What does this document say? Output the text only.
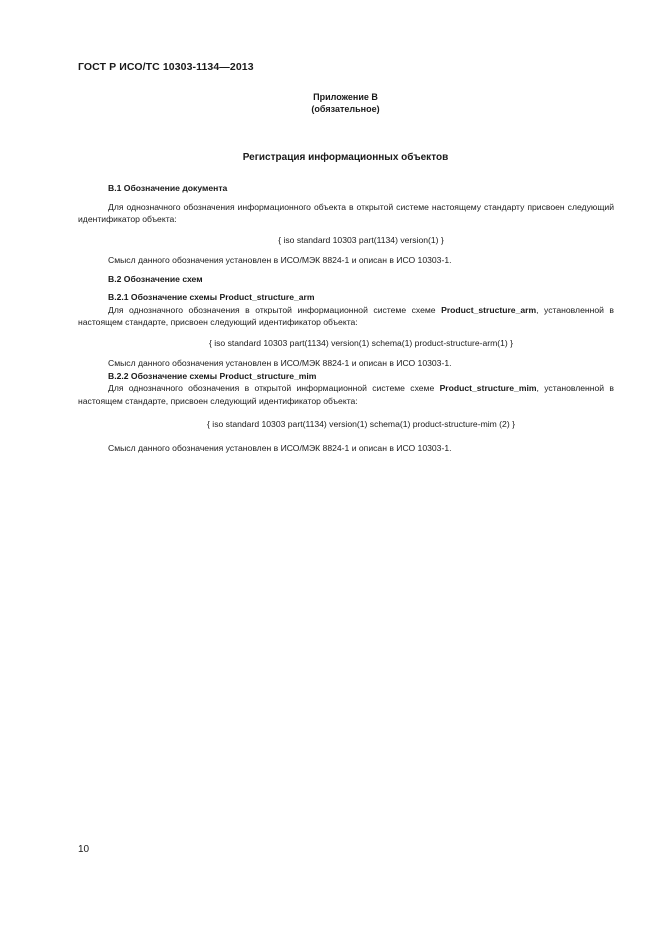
ГОСТ Р ИСО/ТС 10303-1134—2013
Приложение В
(обязательное)
Регистрация информационных объектов
В.1 Обозначение документа
Для однозначного обозначения информационного объекта в открытой системе настоящему стандарту присвоен следующий идентификатор объекта:
{ iso standard 10303 part(1134) version(1) }
Смысл данного обозначения установлен в ИСО/МЭК 8824-1 и описан в ИСО 10303-1.
В.2 Обозначение схем
В.2.1 Обозначение схемы Product_structure_arm
Для однозначного обозначения в открытой информационной системе схеме Product_structure_arm, установленной в настоящем стандарте, присвоен следующий идентификатор объекта:
{ iso standard 10303 part(1134) version(1) schema(1) product-structure-arm(1) }
Смысл данного обозначения установлен в ИСО/МЭК 8824-1 и описан в ИСО 10303-1.
В.2.2 Обозначение схемы Product_structure_mim
Для однозначного обозначения в открытой информационной системе схеме Product_structure_mim, установленной в настоящем стандарте, присвоен следующий идентификатор объекта:
{ iso standard 10303 part(1134) version(1) schema(1) product-structure-mim (2) }
Смысл данного обозначения установлен в ИСО/МЭК 8824-1 и описан в ИСО 10303-1.
10
